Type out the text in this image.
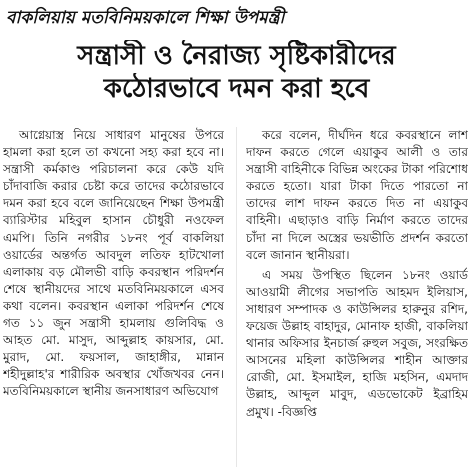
বাকলিয়ায় মতবিনিময়কালে শিক্ষা উপমন্ত্রী
সন্ত্রাসী ও নৈরাজ্য সৃষ্টিকারীদের
কঠোরভাবে দমন করা হবে

আগ্নেয়াস্ত্র নিয়ে সাধারণ মানুষের উপরে হামলা করা হলে তা কখনো সহ্য করা হবে না। সন্ত্রাসী কর্মকাণ্ড পরিচালনা করে কেউ যদি চাঁদাবাজি করার চেষ্টা করে তাদের কঠোরভাবে দমন করা হবে বলে জানিয়েছেন শিক্ষা উপমন্ত্রী ব্যারিস্টার মহিবুল হাসান চৌধুরী নওফেল এমপি। তিনি নগরীর ১৮নং পূর্ব বাকলিয়া ওয়ার্ডের অন্তর্গত আবদুল লতিফ হাটখোলা এলাকায় বড় মৌলভী বাড়ি কবরস্থান পরিদর্শন শেষে স্থানীয়দের সাথে মতবিনিময়কালে এসব কথা বলেন। কবরস্থান এলাকা পরিদর্শন শেষে গত ১১ জুন সন্ত্রাসী হামলায় গুলিবিদ্ধ ও আহত মো. মাসুদ, আব্দুল্লাহ কায়সার, মো. মুরাদ, মো. ফয়সাল, জাহাঙ্গীর, মান্নান শহীদুল্লাহ'র শারীরিক অবস্থার খোঁজখবর নেন। মতবিনিময়কালে স্থানীয় জনসাধারণ অভিযোগ

করে বলেন, দীর্ঘদিন ধরে কবরস্থানে লাশ দাফন করতে গেলে এয়াকুব আলী ও তার সন্ত্রাসী বাহিনীকে বিভিন্ন অংকের টাকা পরিশোধ করতে হতো। যারা টাকা দিতে পারতো না তাদের লাশ দাফন করতে দিত না এয়াকুব বাহিনী। এছাড়াও বাড়ি নির্মাণ করতে তাদের চাঁদা না দিলে অস্ত্রের ভয়ভীতি প্রদর্শন করতো বলে জানান স্থানীয়রা।

এ সময় উপস্থিত ছিলেন ১৮নং ওয়ার্ড আওয়ামী লীগের সভাপতি আহমদ ইলিয়াস, সাধারণ সম্পাদক ও কাউন্সিলর হারুনুর রশিদ, ফয়েজ উল্লাহ বাহাদুর, মোনাফ হাজী, বাকলিয়া থানার অফিসার ইনচার্জ রুহুল সবুজ, সংরক্ষিত আসনের মহিলা কাউন্সিলর শাহীন আক্তার রোজী, মো. ইসমাইল, হাজি মহসিন, এমদাদ উল্লাহ, আব্দুল মাবুদ, এডভোকেট ইব্রাহিম প্রমুখ। -বিজ্ঞপ্তি
